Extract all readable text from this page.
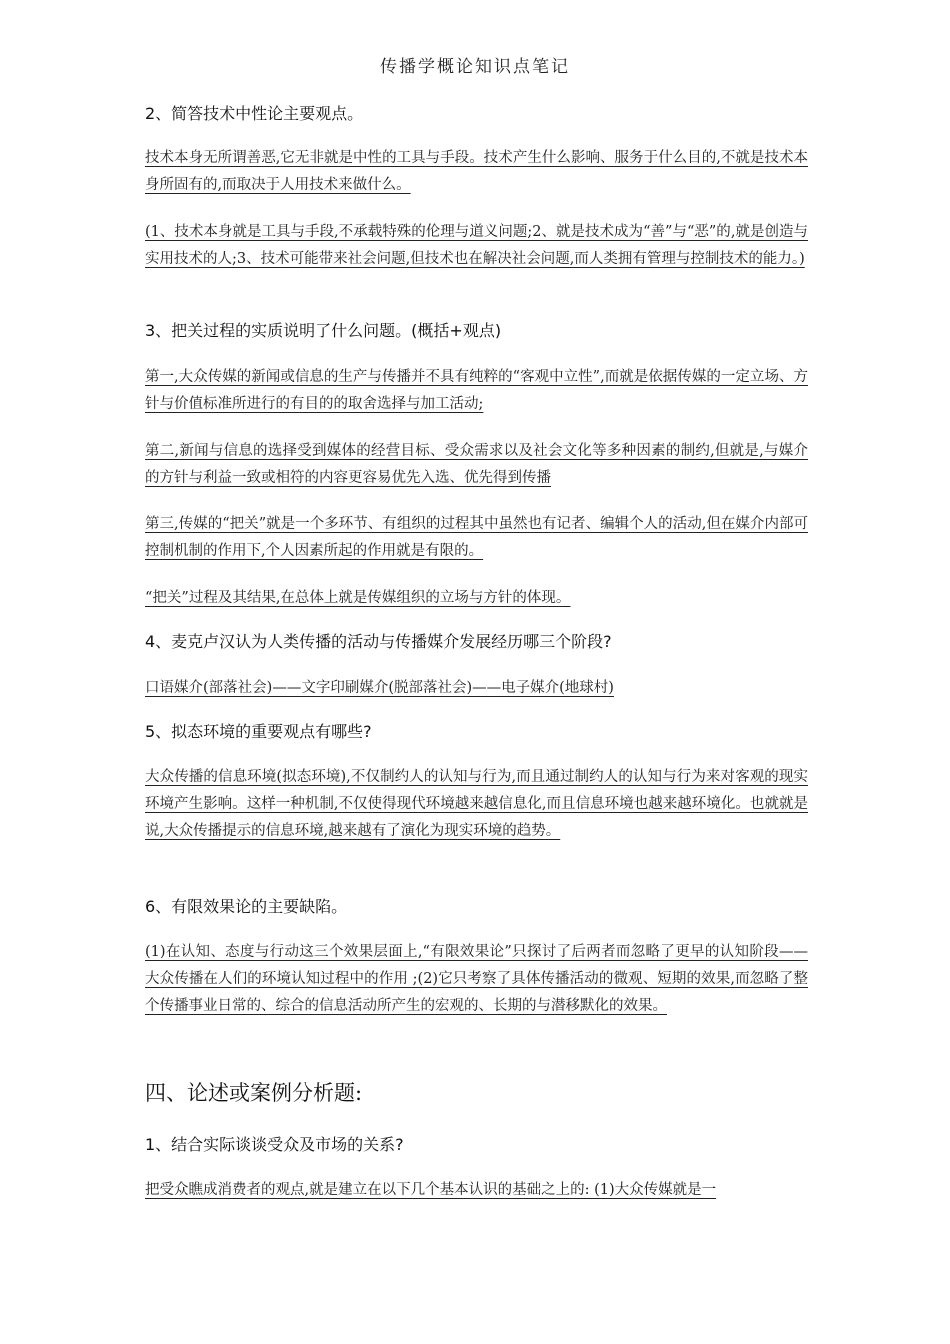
传播学概论知识点笔记
2、简答技术中性论主要观点。
技术本身无所谓善恶,它无非就是中性的工具与手段。技术产生什么影响、服务于什么目的,不就是技术本身所固有的,而取决于人用技术来做什么。
(1、技术本身就是工具与手段,不承载特殊的伦理与道义问题;2、就是技术成为“善”与“恶”的,就是创造与实用技术的人;3、技术可能带来社会问题,但技术也在解决社会问题,而人类拥有管理与控制技术的能力。)
3、把关过程的实质说明了什么问题。(概括+观点)
第一,大众传媒的新闻或信息的生产与传播并不具有纯粹的“客观中立性”,而就是依据传媒的一定立场、方针与价值标准所进行的有目的的取舍选择与加工活动;
第二,新闻与信息的选择受到媒体的经营目标、受众需求以及社会文化等多种因素的制约,但就是,与媒介的方针与利益一致或相符的内容更容易优先入选、优先得到传播
第三,传媒的“把关”就是一个多环节、有组织的过程其中虽然也有记者、编辑个人的活动,但在媒介内部可控制机制的作用下,个人因素所起的作用就是有限的。
“把关”过程及其结果,在总体上就是传媒组织的立场与方针的体现。
4、麦克卢汉认为人类传播的活动与传播媒介发展经历哪三个阶段?
口语媒介(部落社会)——文字印刷媒介(脱部落社会)——电子媒介(地球村)
5、拟态环境的重要观点有哪些?
大众传播的信息环境(拟态环境),不仅制约人的认知与行为,而且通过制约人的认知与行为来对客观的现实环境产生影响。这样一种机制,不仅使得现代环境越来越信息化,而且信息环境也越来越环境化。也就就是说,大众传播提示的信息环境,越来越有了演化为现实环境的趋势。
6、有限效果论的主要缺陷。
(1)在认知、态度与行动这三个效果层面上,“有限效果论”只探讨了后两者而忽略了更早的认知阶段——大众传播在人们的环境认知过程中的作用 ;(2)它只考察了具体传播活动的微观、短期的效果,而忽略了整个传播事业日常的、综合的信息活动所产生的宏观的、长期的与潜移默化的效果。
四、论述或案例分析题:
1、结合实际谈谈受众及市场的关系?
把受众瞧成消费者的观点,就是建立在以下几个基本认识的基础之上的: (1)大众传媒就是一
